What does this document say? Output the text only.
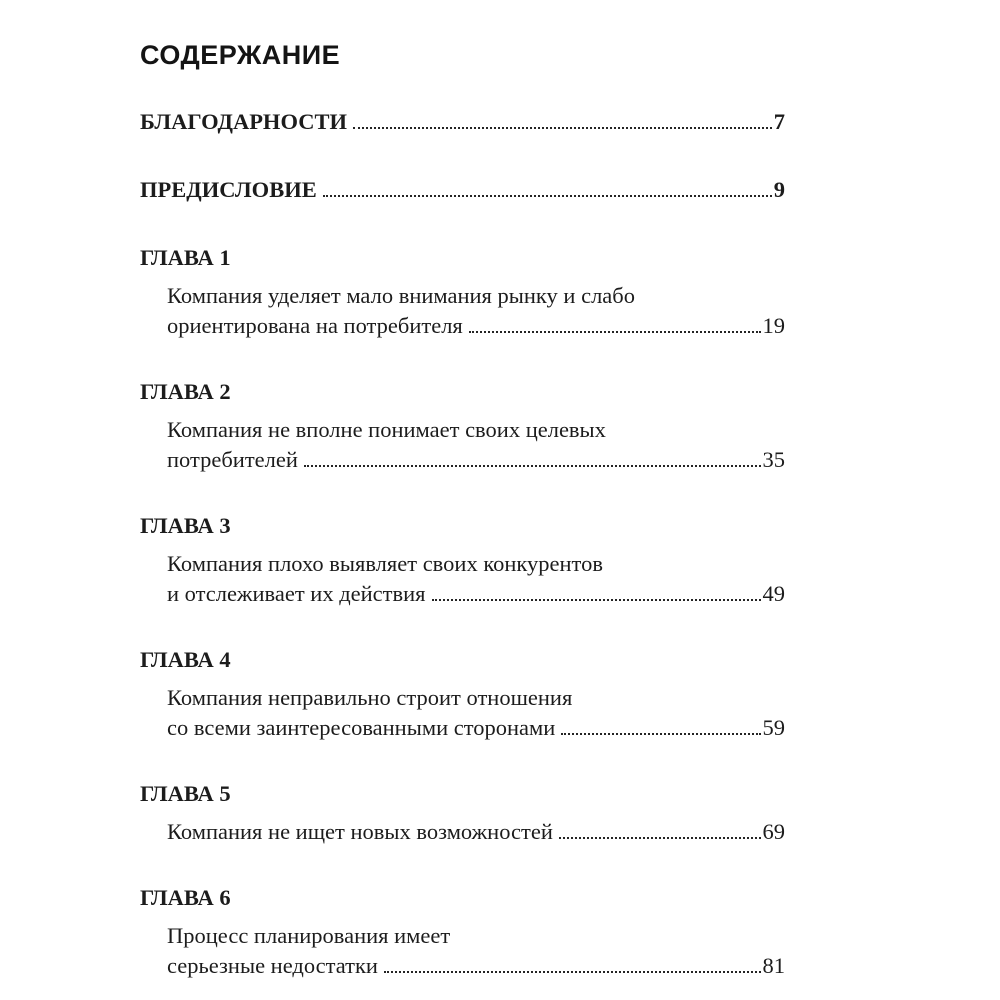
СОДЕРЖАНИЕ
БЛАГОДАРНОСТИ	7
ПРЕДИСЛОВИЕ	9
ГЛАВА 1
Компания уделяет мало внимания рынку и слабо
ориентирована на потребителя	19
ГЛАВА 2
Компания не вполне понимает своих целевых
потребителей	35
ГЛАВА 3
Компания плохо выявляет своих конкурентов
и отслеживает их действия	49
ГЛАВА 4
Компания неправильно строит отношения
со всеми заинтересованными сторонами	59
ГЛАВА 5
Компания не ищет новых возможностей	69
ГЛАВА 6
Процесс планирования имеет
серьезные недостатки	81
